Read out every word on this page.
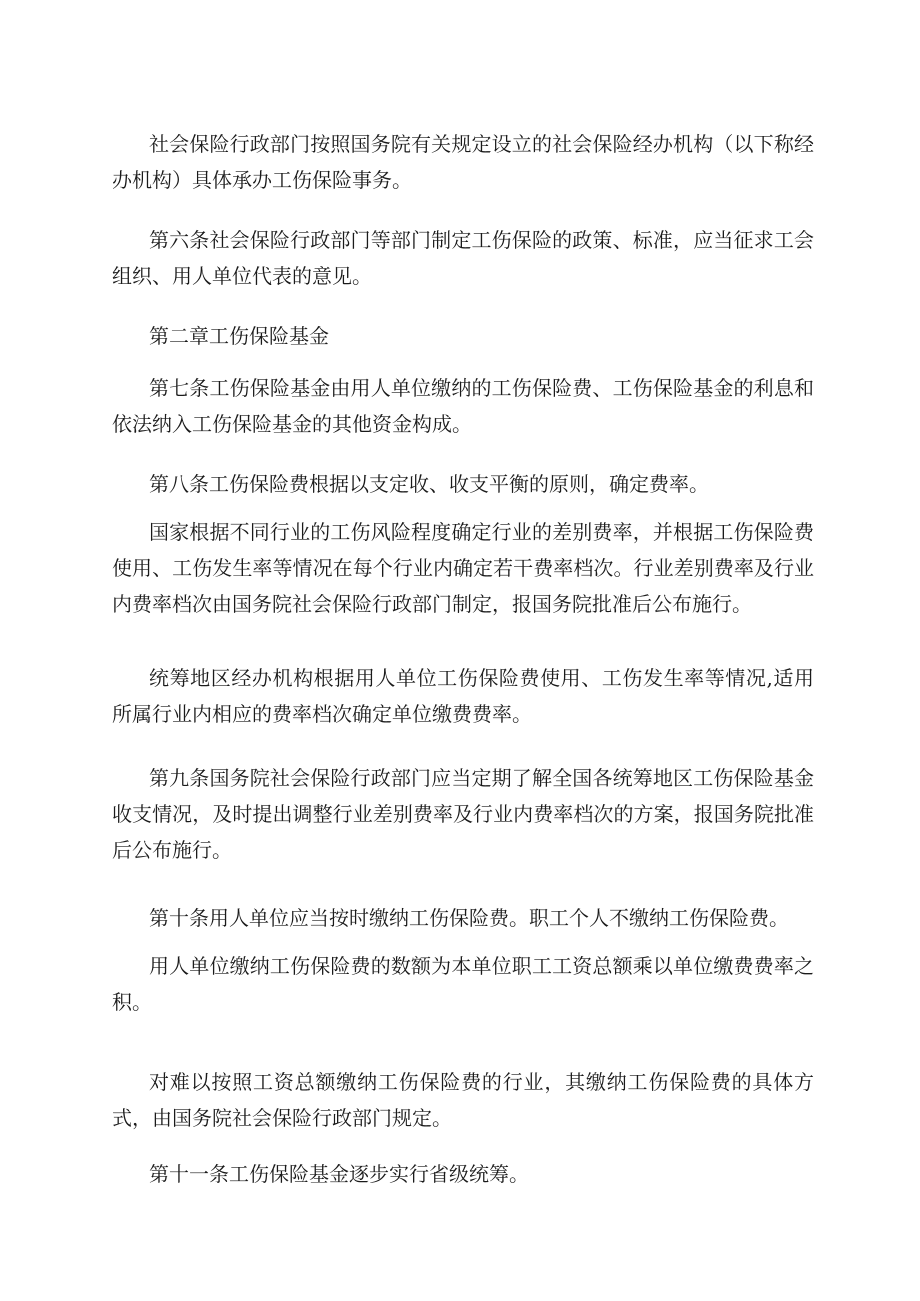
社会保险行政部门按照国务院有关规定设立的社会保险经办机构（以下称经办机构）具体承办工伤保险事务。

第六条社会保险行政部门等部门制定工伤保险的政策、标准，应当征求工会组织、用人单位代表的意见。

第二章工伤保险基金

第七条工伤保险基金由用人单位缴纳的工伤保险费、工伤保险基金的利息和依法纳入工伤保险基金的其他资金构成。

第八条工伤保险费根据以支定收、收支平衡的原则，确定费率。

国家根据不同行业的工伤风险程度确定行业的差别费率，并根据工伤保险费使用、工伤发生率等情况在每个行业内确定若干费率档次。行业差别费率及行业内费率档次由国务院社会保险行政部门制定，报国务院批准后公布施行。

统筹地区经办机构根据用人单位工伤保险费使用、工伤发生率等情况,适用所属行业内相应的费率档次确定单位缴费费率。

第九条国务院社会保险行政部门应当定期了解全国各统筹地区工伤保险基金收支情况，及时提出调整行业差别费率及行业内费率档次的方案，报国务院批准后公布施行。

第十条用人单位应当按时缴纳工伤保险费。职工个人不缴纳工伤保险费。

用人单位缴纳工伤保险费的数额为本单位职工工资总额乘以单位缴费费率之积。

对难以按照工资总额缴纳工伤保险费的行业，其缴纳工伤保险费的具体方式，由国务院社会保险行政部门规定。

第十一条工伤保险基金逐步实行省级统筹。
